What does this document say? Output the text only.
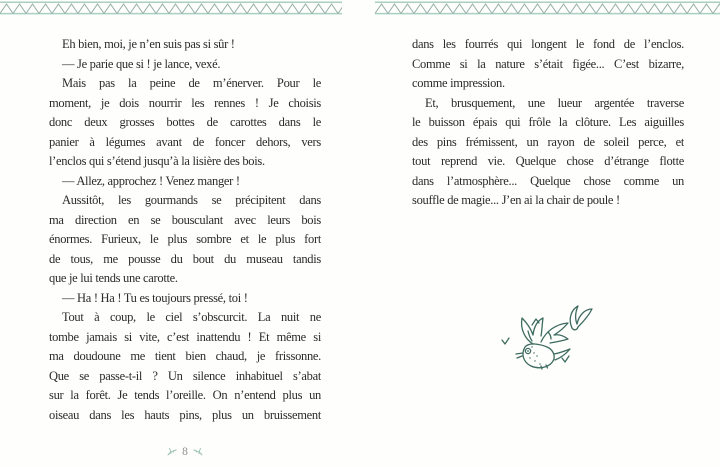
Eh bien, moi, je n’en suis pas si sûr !
— Je parie que si ! je lance, vexé.
Mais pas la peine de m’énerver. Pour le
moment, je dois nourrir les rennes ! Je choisis
donc deux grosses bottes de carottes dans le
panier à légumes avant de foncer dehors, vers
l’enclos qui s’étend jusqu’à la lisière des bois.
— Allez, approchez ! Venez manger !
Aussitôt, les gourmands se précipitent dans
ma direction en se bousculant avec leurs bois
énormes. Furieux, le plus sombre et le plus fort
de tous, me pousse du bout du museau tandis
que je lui tends une carotte.
— Ha ! Ha ! Tu es toujours pressé, toi !
Tout à coup, le ciel s’obscurcit. La nuit ne
tombe jamais si vite, c’est inattendu ! Et même si
ma doudoune me tient bien chaud, je frissonne.
Que se passe-t-il ? Un silence inhabituel s’abat
sur la forêt. Je tends l’oreille. On n’entend plus un
oiseau dans les hauts pins, plus un bruissement
8
dans les fourrés qui longent le fond de l’enclos.
Comme si la nature s’était figée... C’est bizarre,
comme impression.
Et, brusquement, une lueur argentée traverse
le buisson épais qui frôle la clôture. Les aiguilles
des pins frémissent, un rayon de soleil perce, et
tout reprend vie. Quelque chose d’étrange flotte
dans l’atmosphère... Quelque chose comme un
souffle de magie... J’en ai la chair de poule !
